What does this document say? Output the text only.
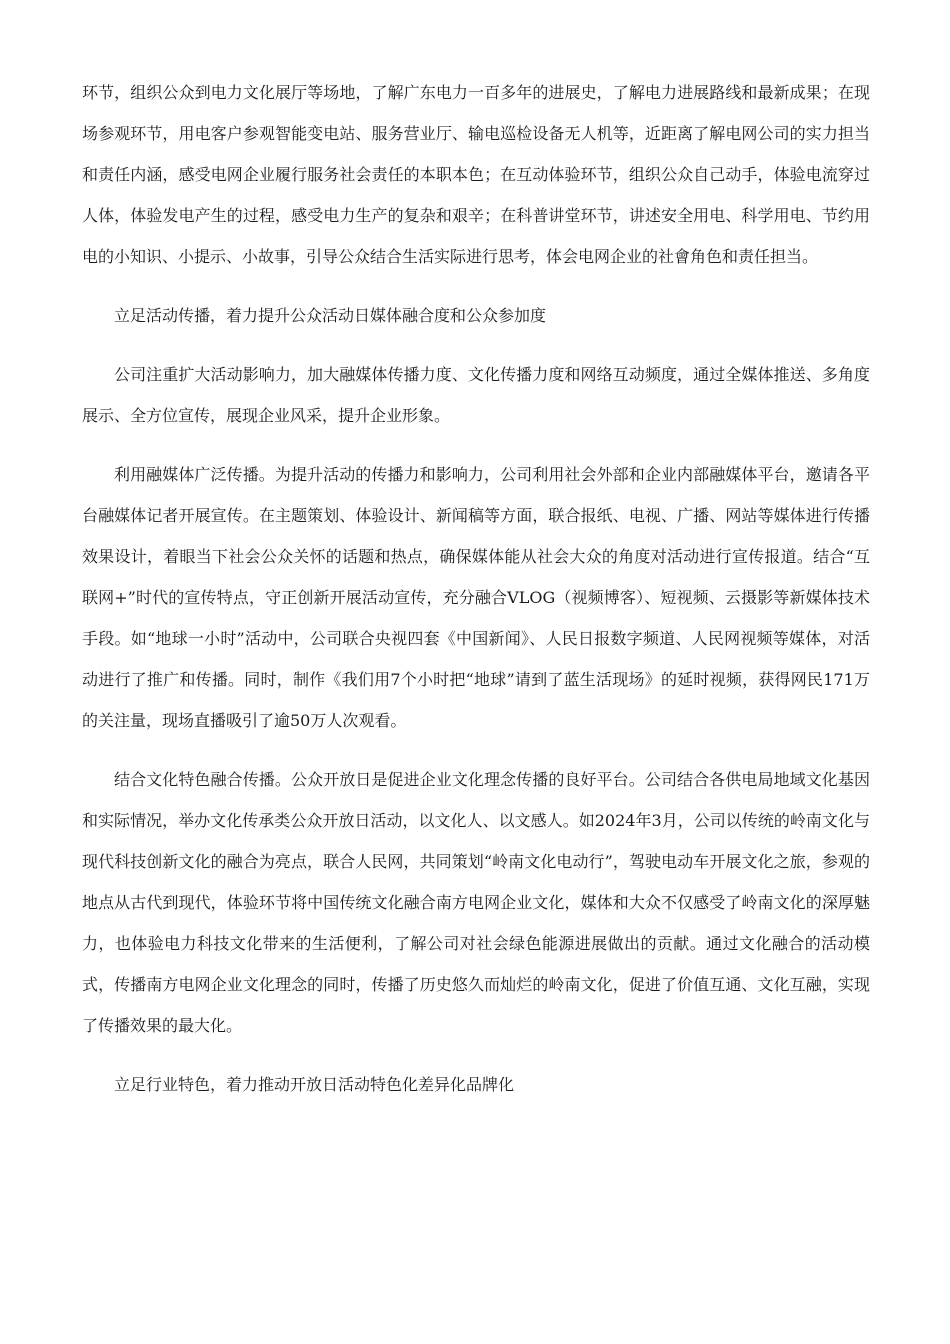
环节，组织公众到电力文化展厅等场地，了解广东电力一百多年的进展史，了解电力进展路线和最新成果；在现场参观环节，用电客户参观智能变电站、服务营业厅、输电巡检设备无人机等，近距离了解电网公司的实力担当和责任内涵，感受电网企业履行服务社会责任的本职本色；在互动体验环节，组织公众自己动手，体验电流穿过人体，体验发电产生的过程，感受电力生产的复杂和艰辛；在科普讲堂环节，讲述安全用电、科学用电、节约用电的小知识、小提示、小故事，引导公众结合生活实际进行思考，体会电网企业的社會角色和责任担当。

立足活动传播，着力提升公众活动日媒体融合度和公众参加度

公司注重扩大活动影响力，加大融媒体传播力度、文化传播力度和网络互动频度，通过全媒体推送、多角度展示、全方位宣传，展现企业风采，提升企业形象。

利用融媒体广泛传播。为提升活动的传播力和影响力，公司利用社会外部和企业内部融媒体平台，邀请各平台融媒体记者开展宣传。在主题策划、体验设计、新闻稿等方面，联合报纸、电视、广播、网站等媒体进行传播效果设计，着眼当下社会公众关怀的话题和热点，确保媒体能从社会大众的角度对活动进行宣传报道。结合“互联网+”时代的宣传特点，守正创新开展活动宣传，充分融合VLOG（视频博客）、短视频、云摄影等新媒体技术手段。如“地球一小时”活动中，公司联合央视四套《中国新闻》、人民日报数字频道、人民网视频等媒体，对活动进行了推广和传播。同时，制作《我们用7个小时把“地球”请到了蓝生活现场》的延时视频，获得网民171万的关注量，现场直播吸引了逾50万人次观看。

结合文化特色融合传播。公众开放日是促进企业文化理念传播的良好平台。公司结合各供电局地域文化基因和实际情况，举办文化传承类公众开放日活动，以文化人、以文感人。如2024年3月，公司以传统的岭南文化与现代科技创新文化的融合为亮点，联合人民网，共同策划“岭南文化电动行”，驾驶电动车开展文化之旅，参观的地点从古代到现代，体验环节将中国传统文化融合南方电网企业文化，媒体和大众不仅感受了岭南文化的深厚魅力，也体验电力科技文化带来的生活便利，了解公司对社会绿色能源进展做出的贡献。通过文化融合的活动模式，传播南方电网企业文化理念的同时，传播了历史悠久而灿烂的岭南文化，促进了价值互通、文化互融，实现了传播效果的最大化。

立足行业特色，着力推动开放日活动特色化差异化品牌化
